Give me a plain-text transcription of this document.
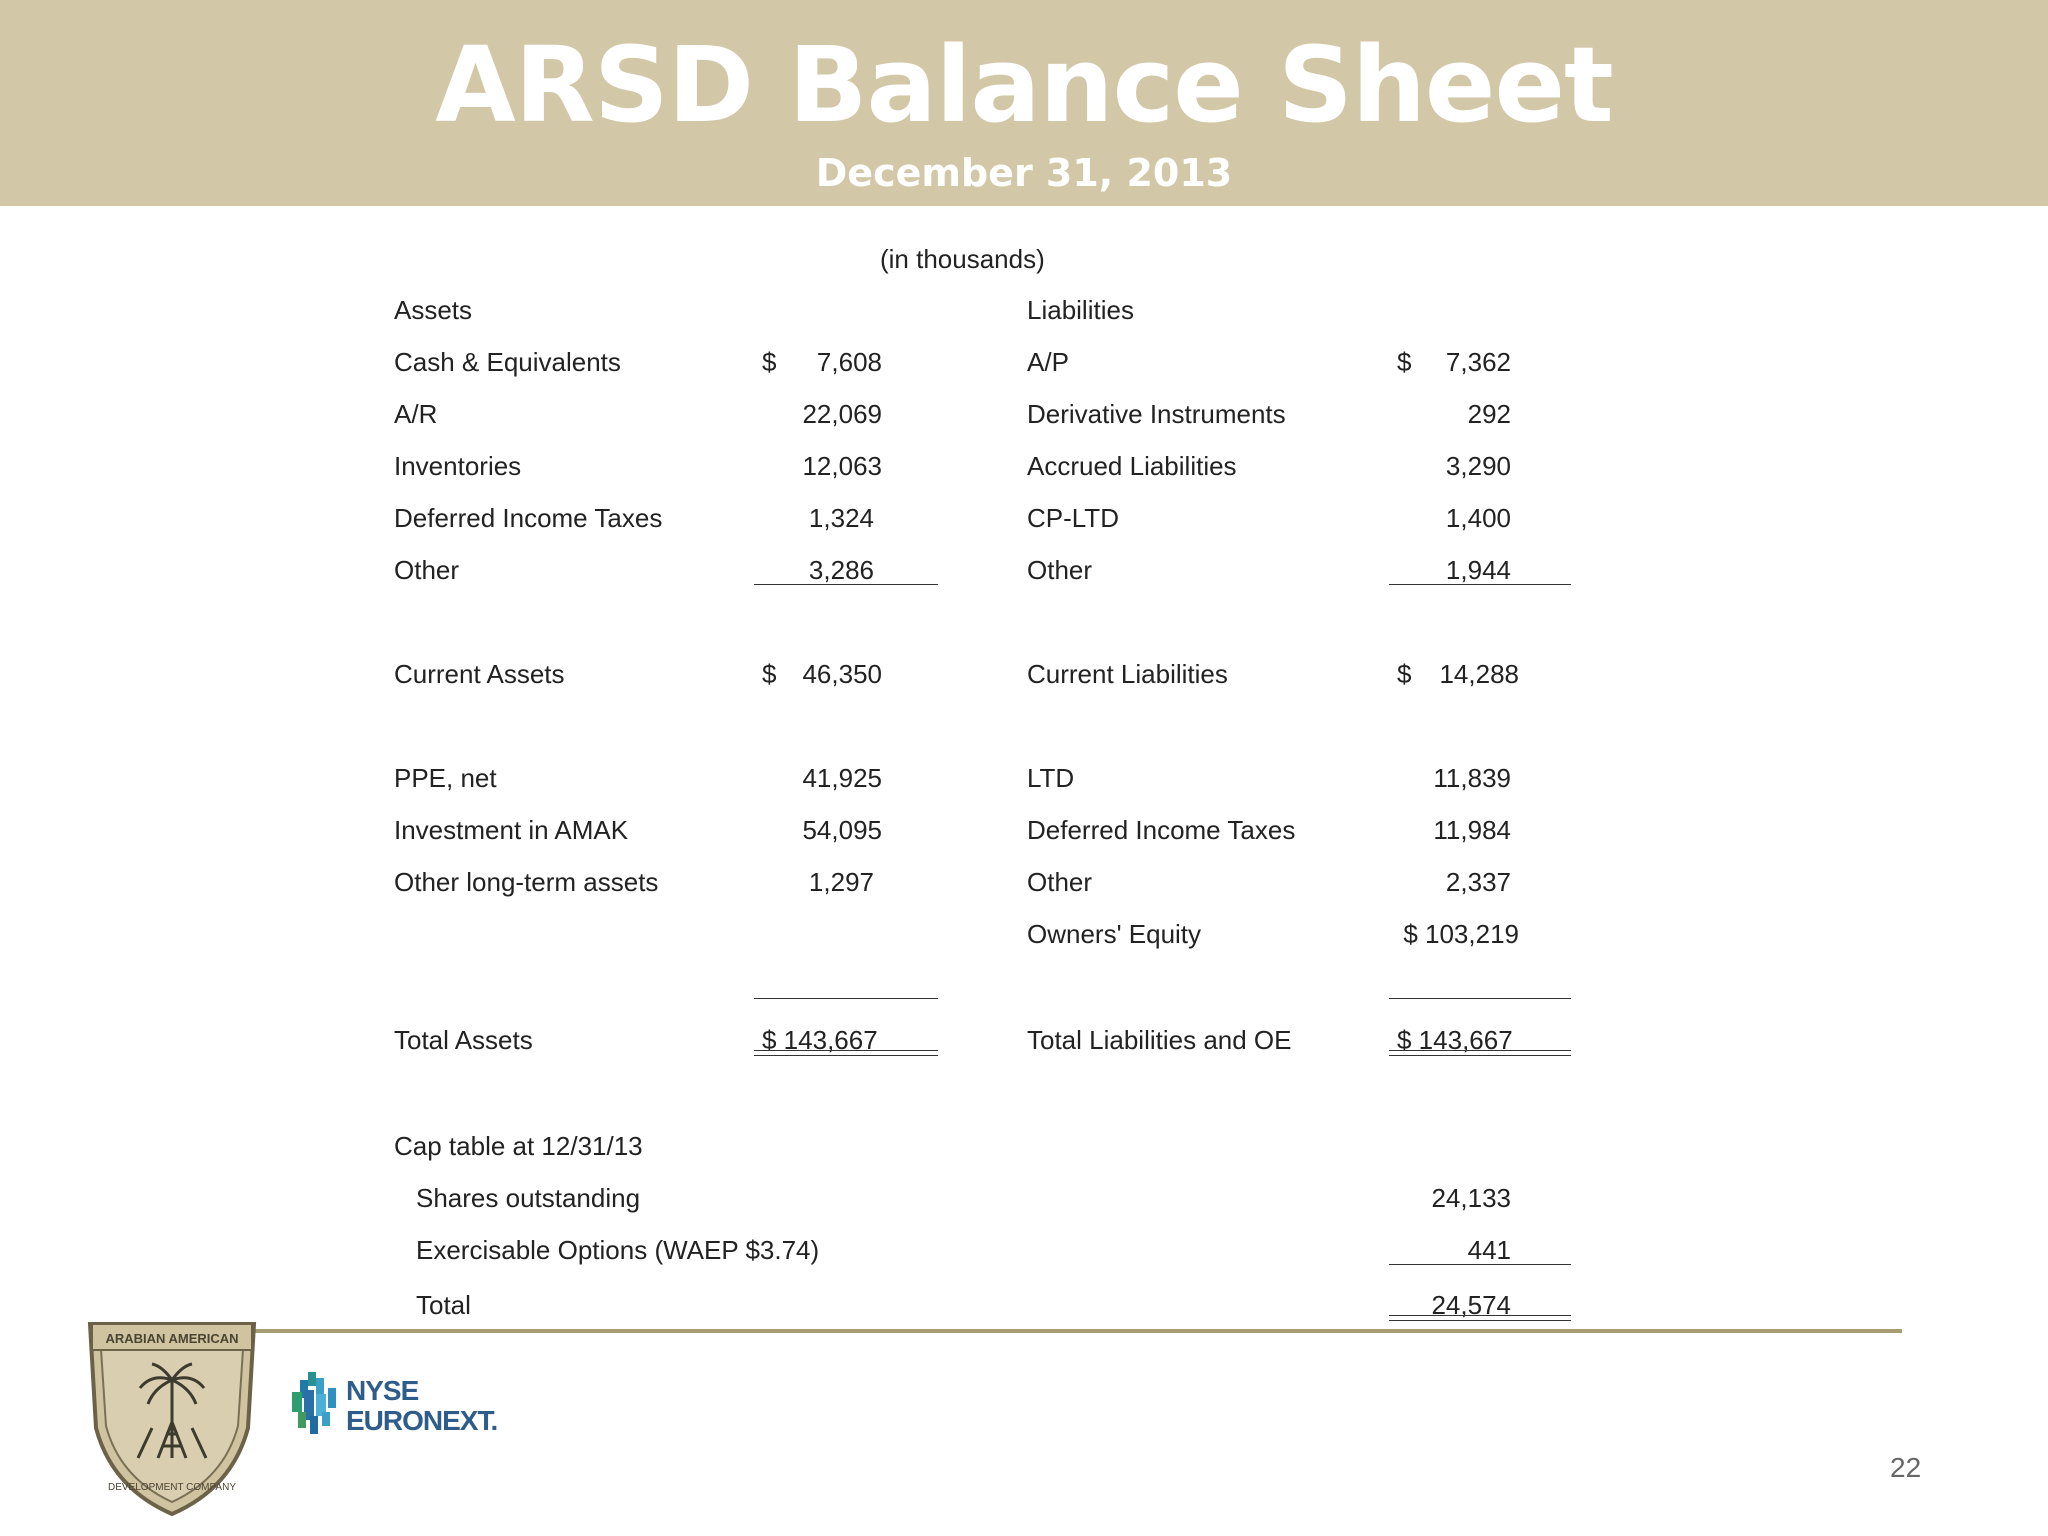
ARSD Balance Sheet
December 31, 2013
(in thousands)
Assets
Cash & Equivalents	$	7,608
A/R	22,069
Inventories	12,063
Deferred Income Taxes	1,324
Other	3,286
Current Assets	$	46,350
PPE, net	41,925
Investment in AMAK	54,095
Other long-term assets	1,297
Total Assets	$ 143,667
Liabilities
A/P	$	7,362
Derivative Instruments	292
Accrued Liabilities	3,290
CP-LTD	1,400
Other	1,944
Current Liabilities	$	14,288
LTD	11,839
Deferred Income Taxes	11,984
Other	2,337
Owners' Equity	$ 103,219
Total Liabilities and OE	$ 143,667
Cap table at 12/31/13
Shares outstanding	24,133
Exercisable Options (WAEP $3.74)	441
Total	24,574
ARABIAN AMERICAN
DEVELOPMENT COMPANY
NYSE
EURONEXT.
22
